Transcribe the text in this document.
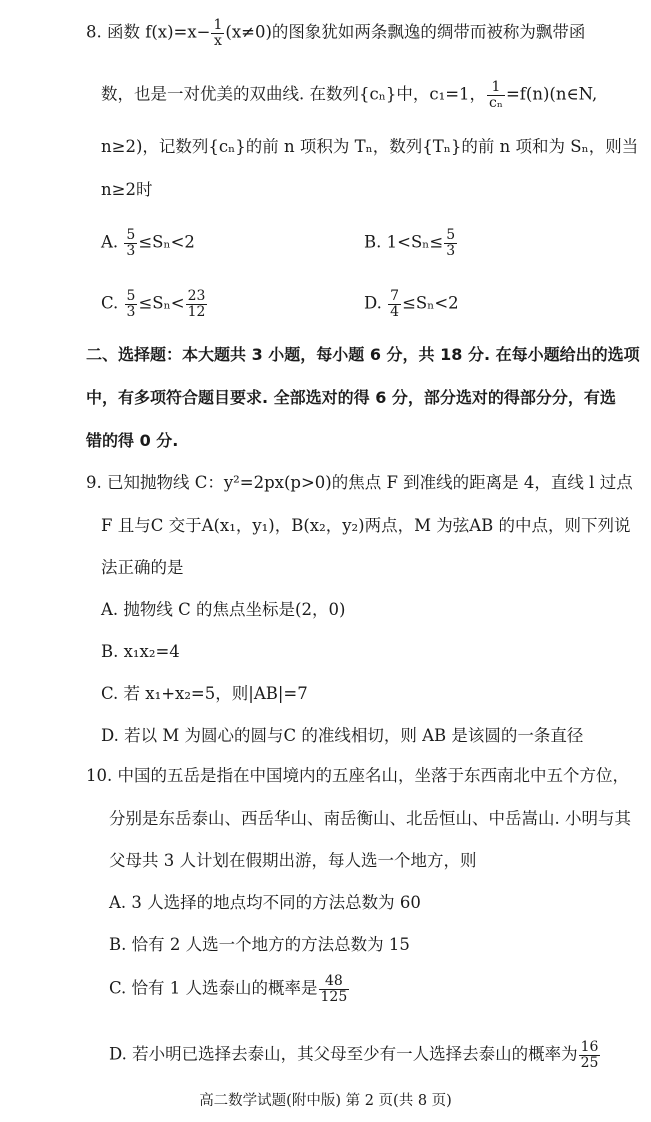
8. 函数 $f(x)=x- \frac{1}{x} (x\ne 0)$的图象犹如两条飘逸的绸带而被称为飘带函
数，也是一对优美的双曲线. 在数列{cₙ}中，c₁=1， $\frac{1}{\text{cₙ}}$ =f(n)(n∈N,
n≥2)，记数列{cₙ}的前 n 项积为 Tₙ，数列{Tₙ}的前 n 项和为 Sₙ，则当
n≥2时
A. $\frac{5}{3} \le S_n<2$	B. $1<S_n\le \frac{5}{3}$
C. $\frac{5}{3} \le S_n< \frac{23}{12}$	D. $\frac{7}{4} \le S_n<2$
二、选择题：本大题共 3 小题，每小题 6 分，共 18 分. 在每小题给出的选项
中，有多项符合题目要求. 全部选对的得 6 分，部分选对的得部分分，有选
错的得 0 分.
9. 已知抛物线 C：y²=2px(p>0)的焦点 F 到准线的距离是 4，直线 l 过点
F 且与C 交于A(x₁，y₁)，B(x₂，y₂)两点，M 为弦AB 的中点，则下列说
法正确的是
A. 抛物线 C 的焦点坐标是(2，0)
B. x₁x₂=4
C. 若 x₁+x₂=5，则|AB|=7
D. 若以 M 为圆心的圆与C 的准线相切，则 AB 是该圆的一条直径
10. 中国的五岳是指在中国境内的五座名山，坐落于东西南北中五个方位，
分别是东岳泰山、西岳华山、南岳衡山、北岳恒山、中岳嵩山. 小明与其
父母共 3 人计划在假期出游，每人选一个地方，则
A. 3 人选择的地点均不同的方法总数为 60
B. 恰有 2 人选一个地方的方法总数为 15
C. 恰有 1 人选泰山的概率是 $\frac{48}{125}$
D. 若小明已选择去泰山，其父母至少有一人选择去泰山的概率为 $\frac{16}{25}$
高二数学试题(附中版) 第 2 页(共 8 页)
